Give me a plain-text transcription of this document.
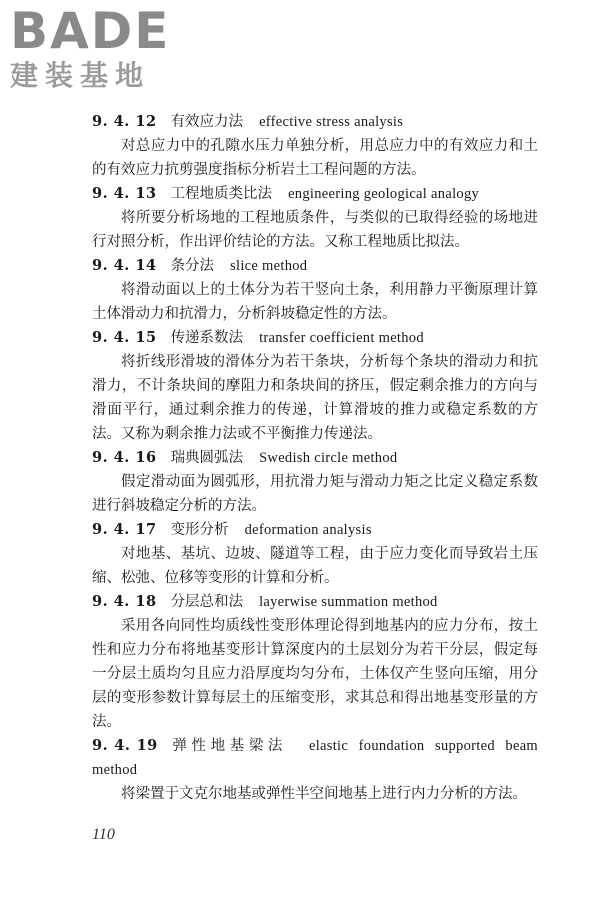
BADE
建装基地
9. 4. 12 有效应力法 effective stress analysis

对总应力中的孔隙水压力单独分析，用总应力中的有效应力和土的有效应力抗剪强度指标分析岩土工程问题的方法。

9. 4. 13 工程地质类比法 engineering geological analogy

将所要分析场地的工程地质条件，与类似的已取得经验的场地进行对照分析，作出评价结论的方法。又称工程地质比拟法。

9. 4. 14 条分法 slice method

将滑动面以上的土体分为若干竖向土条，利用静力平衡原理计算土体滑动力和抗滑力，分析斜坡稳定性的方法。

9. 4. 15 传递系数法 transfer coefficient method

将折线形滑坡的滑体分为若干条块，分析每个条块的滑动力和抗滑力，不计条块间的摩阻力和条块间的挤压，假定剩余推力的方向与滑面平行，通过剩余推力的传递，计算滑坡的推力或稳定系数的方法。又称为剩余推力法或不平衡推力传递法。

9. 4. 16 瑞典圆弧法 Swedish circle method

假定滑动面为圆弧形，用抗滑力矩与滑动力矩之比定义稳定系数进行斜坡稳定分析的方法。

9. 4. 17 变形分析 deformation analysis

对地基、基坑、边坡、隧道等工程，由于应力变化而导致岩土压缩、松弛、位移等变形的计算和分析。

9. 4. 18 分层总和法 layerwise summation method

采用各向同性均质线性变形体理论得到地基内的应力分布，按土性和应力分布将地基变形计算深度内的土层划分为若干分层，假定每一分层土质均匀且应力沿厚度均匀分布，土体仅产生竖向压缩，用分层的变形参数计算每层土的压缩变形，求其总和得出地基变形量的方法。

9. 4. 19 弹性地基梁法 elastic foundation supported beam method

将梁置于文克尔地基或弹性半空间地基上进行内力分析的方法。

110
